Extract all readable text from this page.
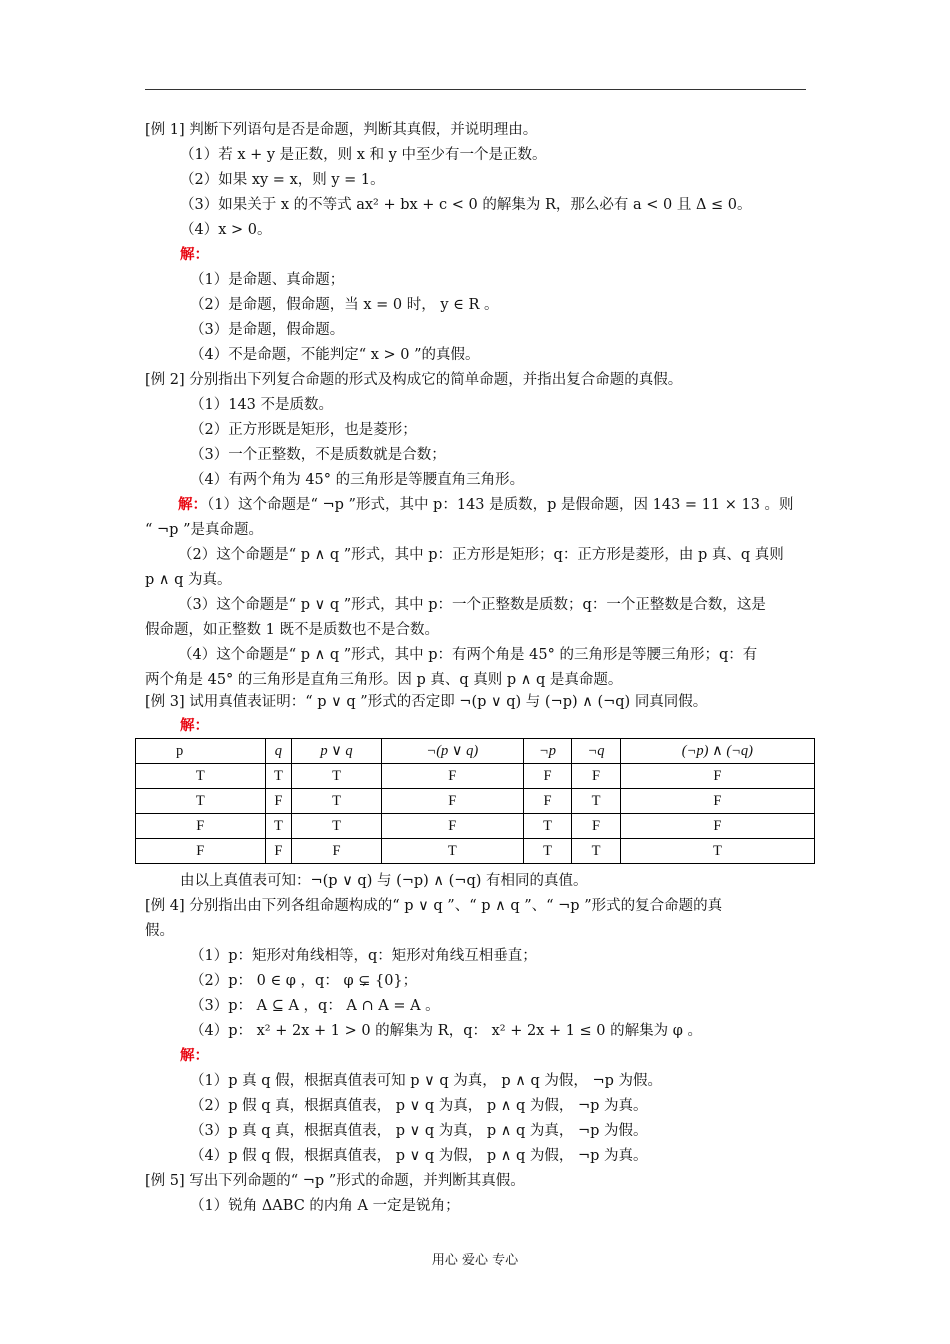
[例 1] 判断下列语句是否是命题，判断其真假，并说明理由。
（1）若 x + y 是正数，则 x 和 y 中至少有一个是正数。
（2）如果 xy = x，则 y = 1。
（3）如果关于 x 的不等式 ax² + bx + c < 0 的解集为 R，那么必有 a < 0 且 Δ ≤ 0。
（4）x > 0。
解：
（1）是命题、真命题；
（2）是命题，假命题，当 x = 0 时， y ∈ R 。
（3）是命题，假命题。
（4）不是命题，不能判定“ x > 0 ”的真假。
[例 2] 分别指出下列复合命题的形式及构成它的简单命题，并指出复合命题的真假。
（1）143 不是质数。
（2）正方形既是矩形，也是菱形；
（3）一个正整数，不是质数就是合数；
（4）有两个角为 45° 的三角形是等腰直角三角形。
解：（1）这个命题是“ ¬p ”形式，其中 p：143 是质数，p 是假命题，因 143 = 11 × 13 。则
“ ¬p ”是真命题。
（2）这个命题是“ p ∧ q ”形式，其中 p：正方形是矩形；q：正方形是菱形，由 p 真、q 真则
p ∧ q 为真。
（3）这个命题是“ p ∨ q ”形式，其中 p：一个正整数是质数；q：一个正整数是合数，这是
假命题，如正整数 1 既不是质数也不是合数。
（4）这个命题是“ p ∧ q ”形式，其中 p：有两个角是 45° 的三角形是等腰三角形；q：有
两个角是 45° 的三角形是直角三角形。因 p 真、q 真则 p ∧ q 是真命题。
[例 3] 试用真值表证明：“ p ∨ q ”形式的否定即 ¬(p ∨ q) 与 (¬p) ∧ (¬q) 同真同假。
解：
p	q	p ∨ q	¬(p ∨ q)	¬p	¬q	(¬p) ∧ (¬q)
T	T	T	F	F	F	F
T	F	T	F	F	T	F
F	T	T	F	T	F	F
F	F	F	T	T	T	T
由以上真值表可知：¬(p ∨ q) 与 (¬p) ∧ (¬q) 有相同的真值。
[例 4] 分别指出由下列各组命题构成的“ p ∨ q ”、“ p ∧ q ”、“ ¬p ”形式的复合命题的真
假。
（1）p：矩形对角线相等，q：矩形对角线互相垂直；
（2）p： 0 ∈ φ ，q： φ ⊊ {0}；
（3）p： A ⊆ A ，q： A ∩ A = A 。
（4）p： x² + 2x + 1 > 0 的解集为 R，q： x² + 2x + 1 ≤ 0 的解集为 φ 。
解：
（1）p 真 q 假，根据真值表可知 p ∨ q 为真， p ∧ q 为假， ¬p 为假。
（2）p 假 q 真，根据真值表， p ∨ q 为真， p ∧ q 为假， ¬p 为真。
（3）p 真 q 真，根据真值表， p ∨ q 为真， p ∧ q 为真， ¬p 为假。
（4）p 假 q 假，根据真值表， p ∨ q 为假， p ∧ q 为假， ¬p 为真。
[例 5] 写出下列命题的“ ¬p ”形式的命题，并判断其真假。
（1）锐角 ΔABC 的内角 A 一定是锐角；
用心 爱心 专心
